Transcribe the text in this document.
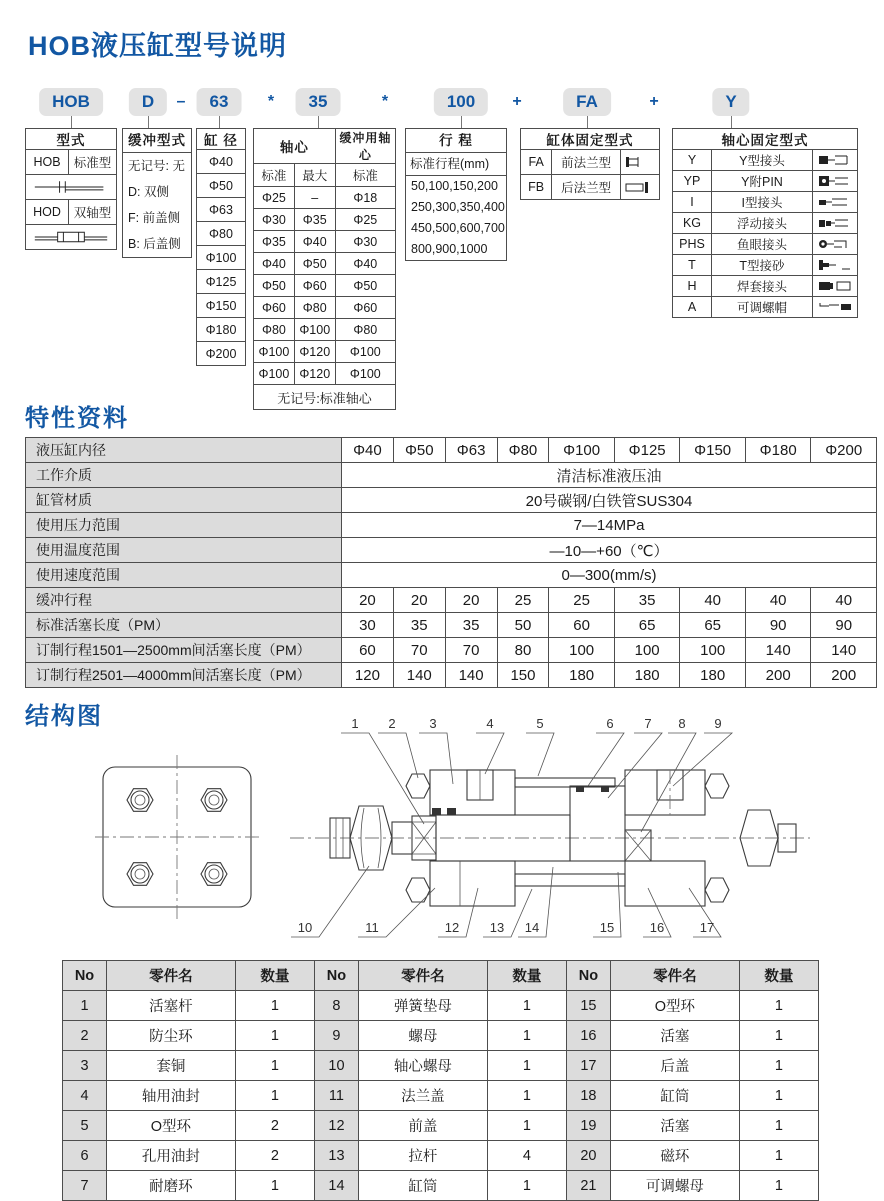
HOB液压缸型号说明
特性资料
结构图
HOB	D	63	35	100	FA	Y
–	*	*	+	+
型式	
HOB	标准型

HOD	双轴型

缓冲型式
无记号: 无
D: 双侧
F: 前盖侧
B: 后盖侧
缸 径
Φ40
Φ50
Φ63
Φ80
Φ100
Φ125
Φ150
Φ180
Φ200
轴心		缓冲用轴心
标准	最大	标准
Φ25	–	Φ18
Φ30	Φ35	Φ25
Φ35	Φ40	Φ30
Φ40	Φ50	Φ40
Φ50	Φ60	Φ50
Φ60	Φ80	Φ60
Φ80	Φ100	Φ80
Φ100	Φ120	Φ100
Φ100	Φ120	Φ100
无记号:标准轴心		
行 程
标准行程(mm)
50,100,150,200
250,300,350,400
450,500,600,700
800,900,1000
缸体固定型式		
FA	前法兰型	
FB	后法兰型	
轴心固定型式		
Y	Y型接头	
YP	Y附PIN	
I	I型接头	
KG	浮动接头	
PHS	鱼眼接头	
T	T型接砂	
H	焊套接头	
A	可调螺帽	
液压缸内径	Φ40	Φ50	Φ63	Φ80	Φ100	Φ125	Φ150	Φ180	Φ200
工作介质	清洁标准液压油								
缸管材质	20号碳钢/白铁管SUS304								
使用压力范围	7—14MPa								
使用温度范围	—10—+60（℃）								
使用速度范围	0—300(mm/s)								
缓冲行程	20	20	20	25	25	35	40	40	40
标准活塞长度（PM）	30	35	35	50	60	65	65	90	90
订制行程1501—2500mm间活塞长度（PM）	60	70	70	80	100	100	100	140	140
订制行程2501—4000mm间活塞长度（PM）	120	140	140	150	180	180	180	200	200
1 2	3	4	5	6 7 8 9
10	11	12 13 14	15	16	17
No	零件名	数量	No	零件名	数量	No	零件名	数量
1	活塞杆	1	8	弹簧垫母	1	15	O型环	1
2	防尘环	1	9	螺母	1	16	活塞	1
3	套铜	1	10	轴心螺母	1	17	后盖	1
4	轴用油封	1	11	法兰盖	1	18	缸筒	1
5	O型环	2	12	前盖	1	19	活塞	1
6	孔用油封	2	13	拉杆	4	20	磁环	1
7	耐磨环	1	14	缸筒	1	21	可调螺母	1
